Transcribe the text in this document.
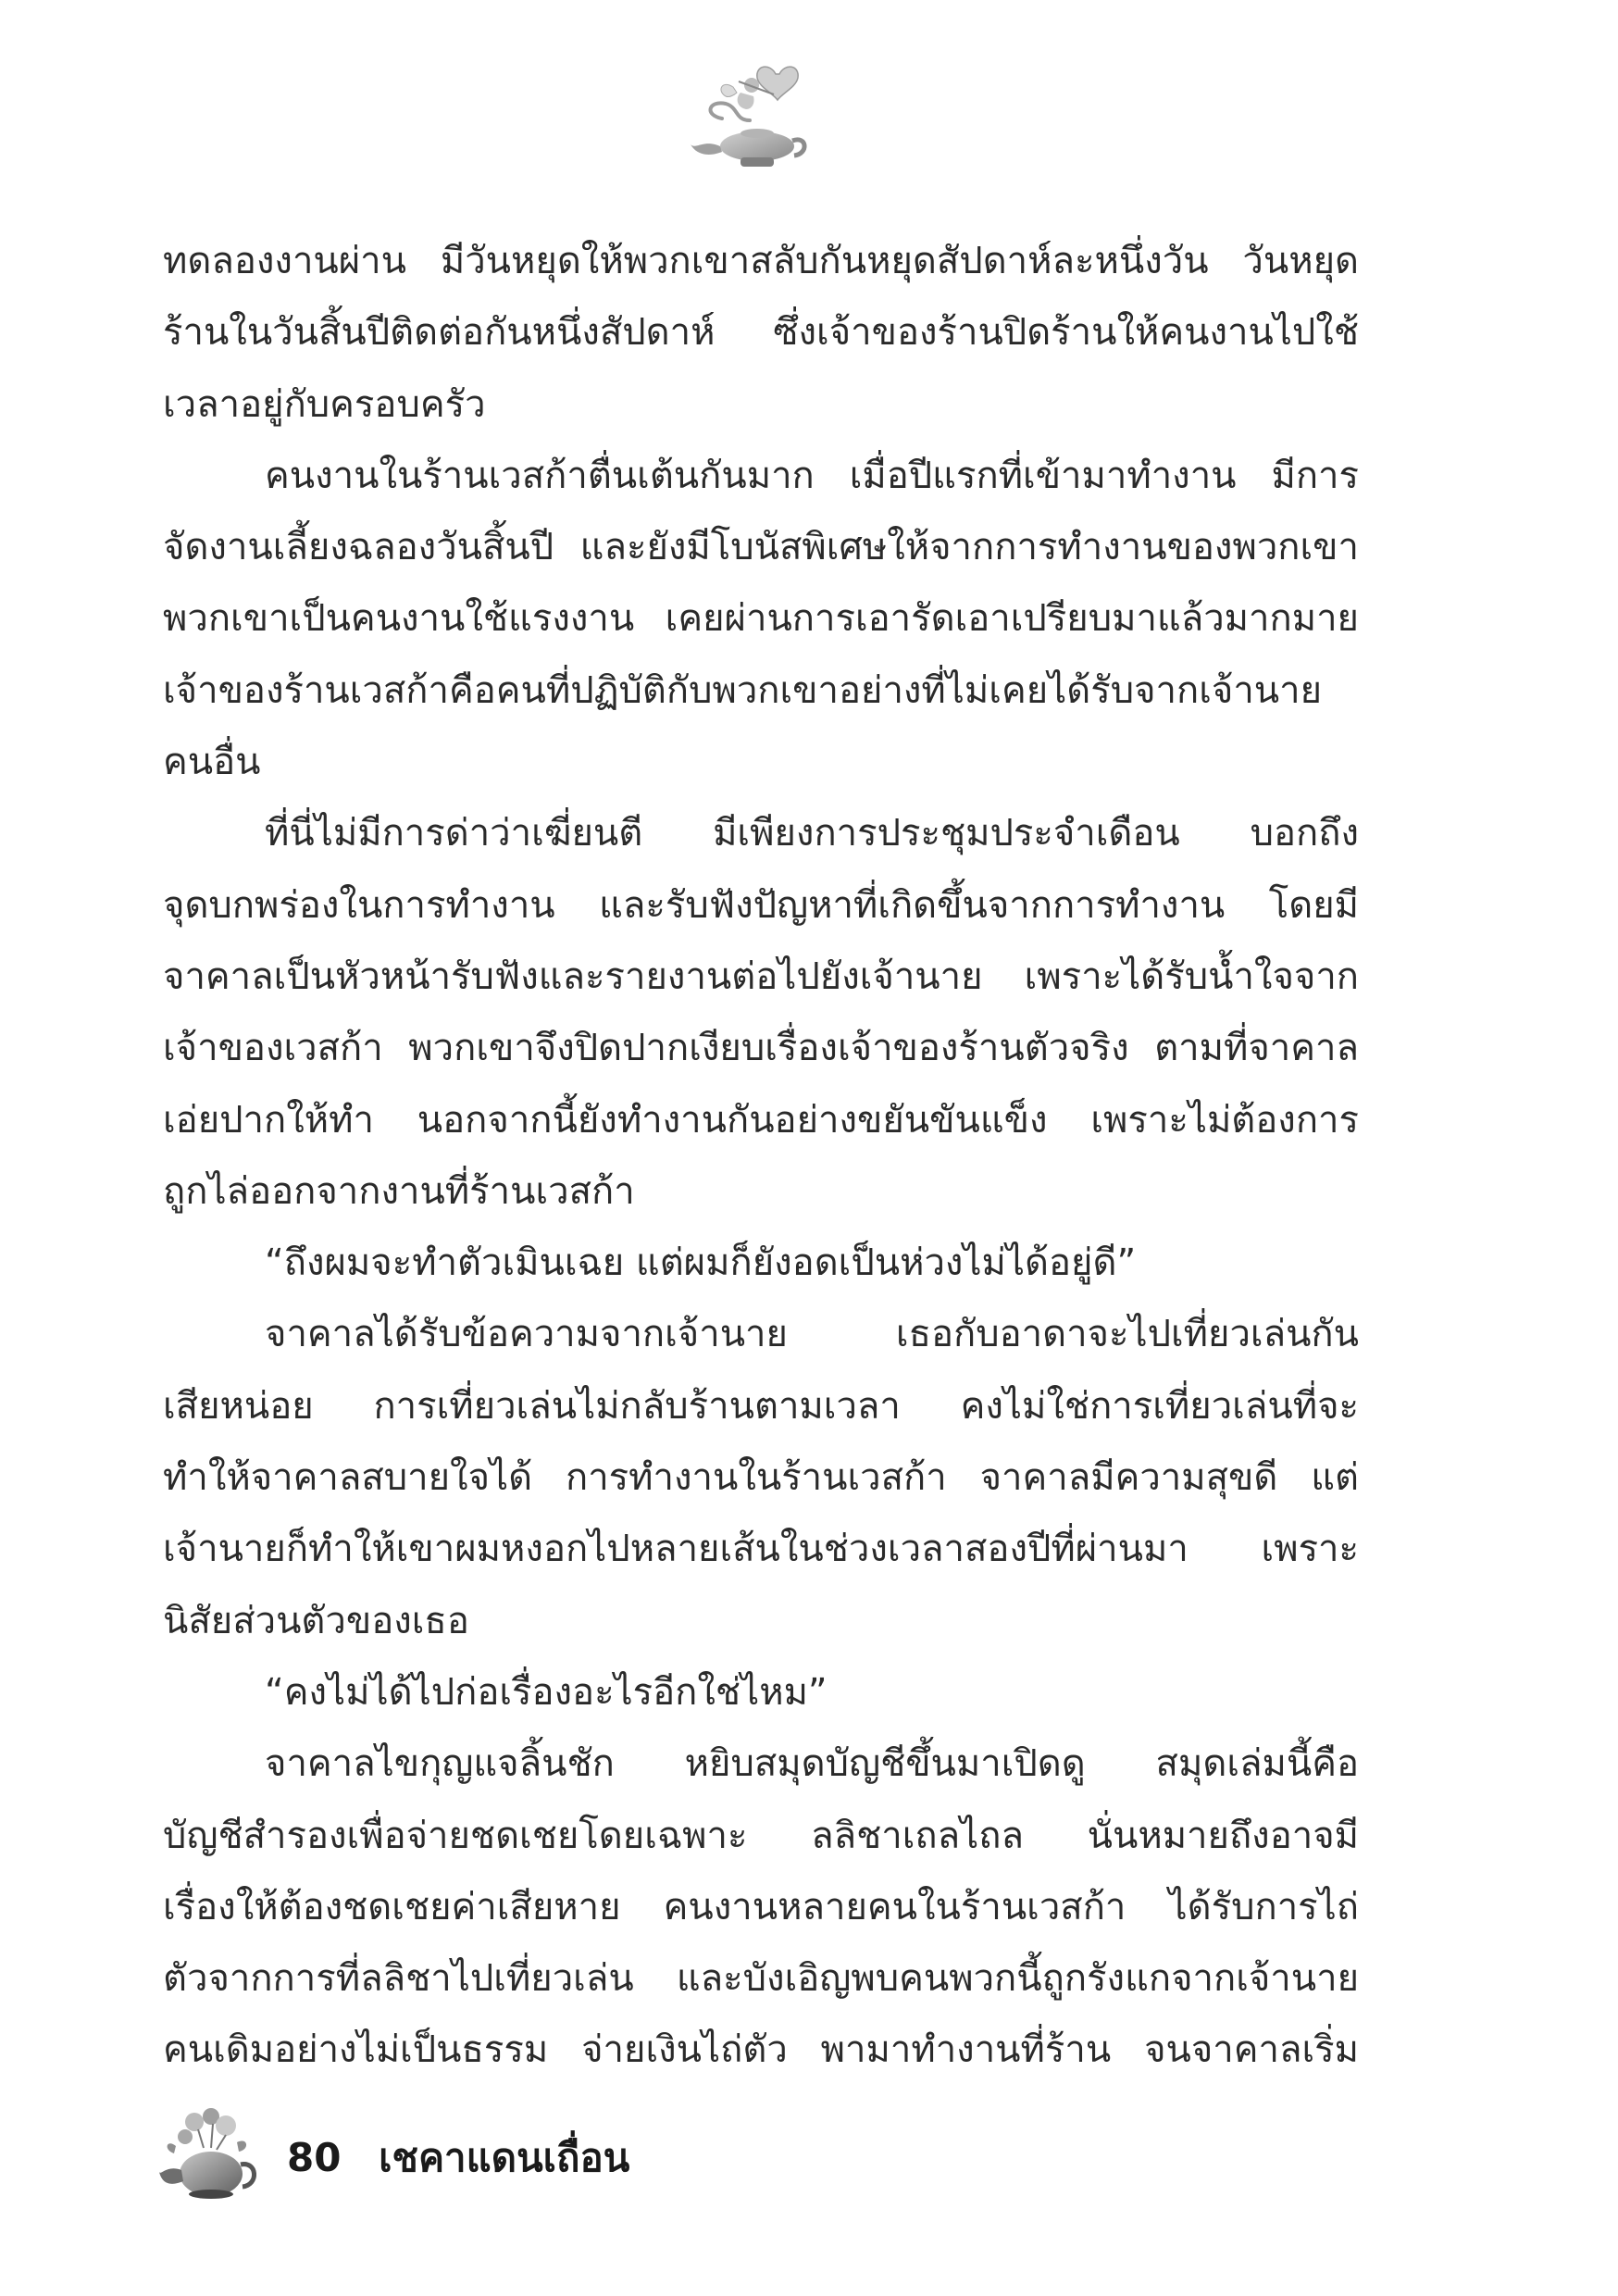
ทดลองงานผ่าน มีวันหยุดให้พวกเขาสลับกันหยุดสัปดาห์ละหนึ่งวัน วันหยุด
ร้านในวันสิ้นปีติดต่อกันหนึ่งสัปดาห์ ซึ่งเจ้าของร้านปิดร้านให้คนงานไปใช้
เวลาอยู่กับครอบครัว
คนงานในร้านเวสก้าตื่นเต้นกันมาก เมื่อปีแรกที่เข้ามาทำงาน มีการ
จัดงานเลี้ยงฉลองวันสิ้นปี และยังมีโบนัสพิเศษให้จากการทำงานของพวกเขา
พวกเขาเป็นคนงานใช้แรงงาน เคยผ่านการเอารัดเอาเปรียบมาแล้วมากมาย
เจ้าของร้านเวสก้าคือคนที่ปฏิบัติกับพวกเขาอย่างที่ไม่เคยได้รับจากเจ้านาย
คนอื่น
ที่นี่ไม่มีการด่าว่าเฆี่ยนตี มีเพียงการประชุมประจำเดือน บอกถึง
จุดบกพร่องในการทำงาน และรับฟังปัญหาที่เกิดขึ้นจากการทำงาน โดยมี
จาคาลเป็นหัวหน้ารับฟังและรายงานต่อไปยังเจ้านาย เพราะได้รับน้ำใจจาก
เจ้าของเวสก้า พวกเขาจึงปิดปากเงียบเรื่องเจ้าของร้านตัวจริง ตามที่จาคาล
เอ่ยปากให้ทำ นอกจากนี้ยังทำงานกันอย่างขยันขันแข็ง เพราะไม่ต้องการ
ถูกไล่ออกจากงานที่ร้านเวสก้า
“ถึงผมจะทำตัวเมินเฉย แต่ผมก็ยังอดเป็นห่วงไม่ได้อยู่ดี”
จาคาลได้รับข้อความจากเจ้านาย เธอกับอาดาจะไปเที่ยวเล่นกัน
เสียหน่อย การเที่ยวเล่นไม่กลับร้านตามเวลา คงไม่ใช่การเที่ยวเล่นที่จะ
ทำให้จาคาลสบายใจได้ การทำงานในร้านเวสก้า จาคาลมีความสุขดี แต่
เจ้านายก็ทำให้เขาผมหงอกไปหลายเส้นในช่วงเวลาสองปีที่ผ่านมา เพราะ
นิสัยส่วนตัวของเธอ
“คงไม่ได้ไปก่อเรื่องอะไรอีกใช่ไหม”
จาคาลไขกุญแจลิ้นชัก หยิบสมุดบัญชีขึ้นมาเปิดดู สมุดเล่มนี้คือ
บัญชีสำรองเพื่อจ่ายชดเชยโดยเฉพาะ ลลิชาเถลไถล นั่นหมายถึงอาจมี
เรื่องให้ต้องชดเชยค่าเสียหาย คนงานหลายคนในร้านเวสก้า ได้รับการไถ่
ตัวจากการที่ลลิชาไปเที่ยวเล่น และบังเอิญพบคนพวกนี้ถูกรังแกจากเจ้านาย
คนเดิมอย่างไม่เป็นธรรม จ่ายเงินไถ่ตัว พามาทำงานที่ร้าน จนจาคาลเริ่ม
80 เชคาแดนเถื่อน
